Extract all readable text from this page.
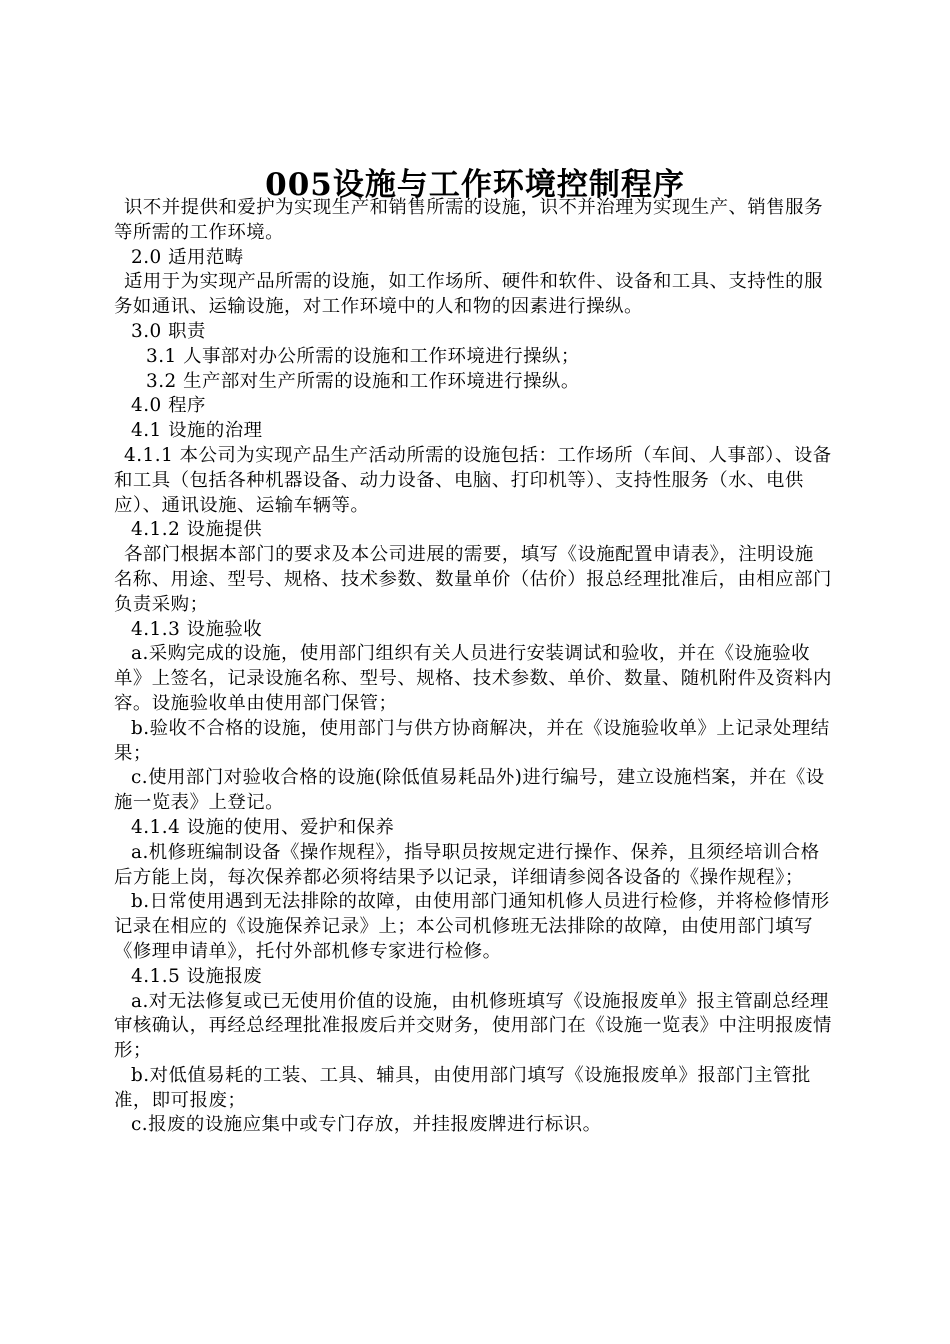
005设施与工作环境控制程序

识不并提供和爱护为实现生产和销售所需的设施，识不并治理为实现生产、销售服务等所需的工作环境。

2.0 适用范畴

适用于为实现产品所需的设施，如工作场所、硬件和软件、设备和工具、支持性的服务如通讯、运输设施，对工作环境中的人和物的因素进行操纵。

3.0 职责

3.1 人事部对办公所需的设施和工作环境进行操纵；

3.2 生产部对生产所需的设施和工作环境进行操纵。

4.0 程序

4.1 设施的治理

4.1.1 本公司为实现产品生产活动所需的设施包括：工作场所（车间、人事部）、设备和工具（包括各种机器设备、动力设备、电脑、打印机等）、支持性服务（水、电供应）、通讯设施、运输车辆等。

4.1.2 设施提供

各部门根据本部门的要求及本公司进展的需要，填写《设施配置申请表》，注明设施名称、用途、型号、规格、技术参数、数量单价（估价）报总经理批准后，由相应部门负责采购；

4.1.3 设施验收

a.采购完成的设施，使用部门组织有关人员进行安装调试和验收，并在《设施验收单》上签名，记录设施名称、型号、规格、技术参数、单价、数量、随机附件及资料内容。设施验收单由使用部门保管；

b.验收不合格的设施，使用部门与供方协商解决，并在《设施验收单》上记录处理结果；

c.使用部门对验收合格的设施(除低值易耗品外)进行编号，建立设施档案，并在《设施一览表》上登记。

4.1.4 设施的使用、爱护和保养

a.机修班编制设备《操作规程》，指导职员按规定进行操作、保养，且须经培训合格后方能上岗，每次保养都必须将结果予以记录，详细请参阅各设备的《操作规程》；

b.日常使用遇到无法排除的故障，由使用部门通知机修人员进行检修，并将检修情形记录在相应的《设施保养记录》上；本公司机修班无法排除的故障，由使用部门填写《修理申请单》，托付外部机修专家进行检修。

4.1.5 设施报废

a.对无法修复或已无使用价值的设施，由机修班填写《设施报废单》报主管副总经理审核确认，再经总经理批准报废后并交财务，使用部门在《设施一览表》中注明报废情形；

b.对低值易耗的工装、工具、辅具，由使用部门填写《设施报废单》报部门主管批准，即可报废；

c.报废的设施应集中或专门存放，并挂报废牌进行标识。
